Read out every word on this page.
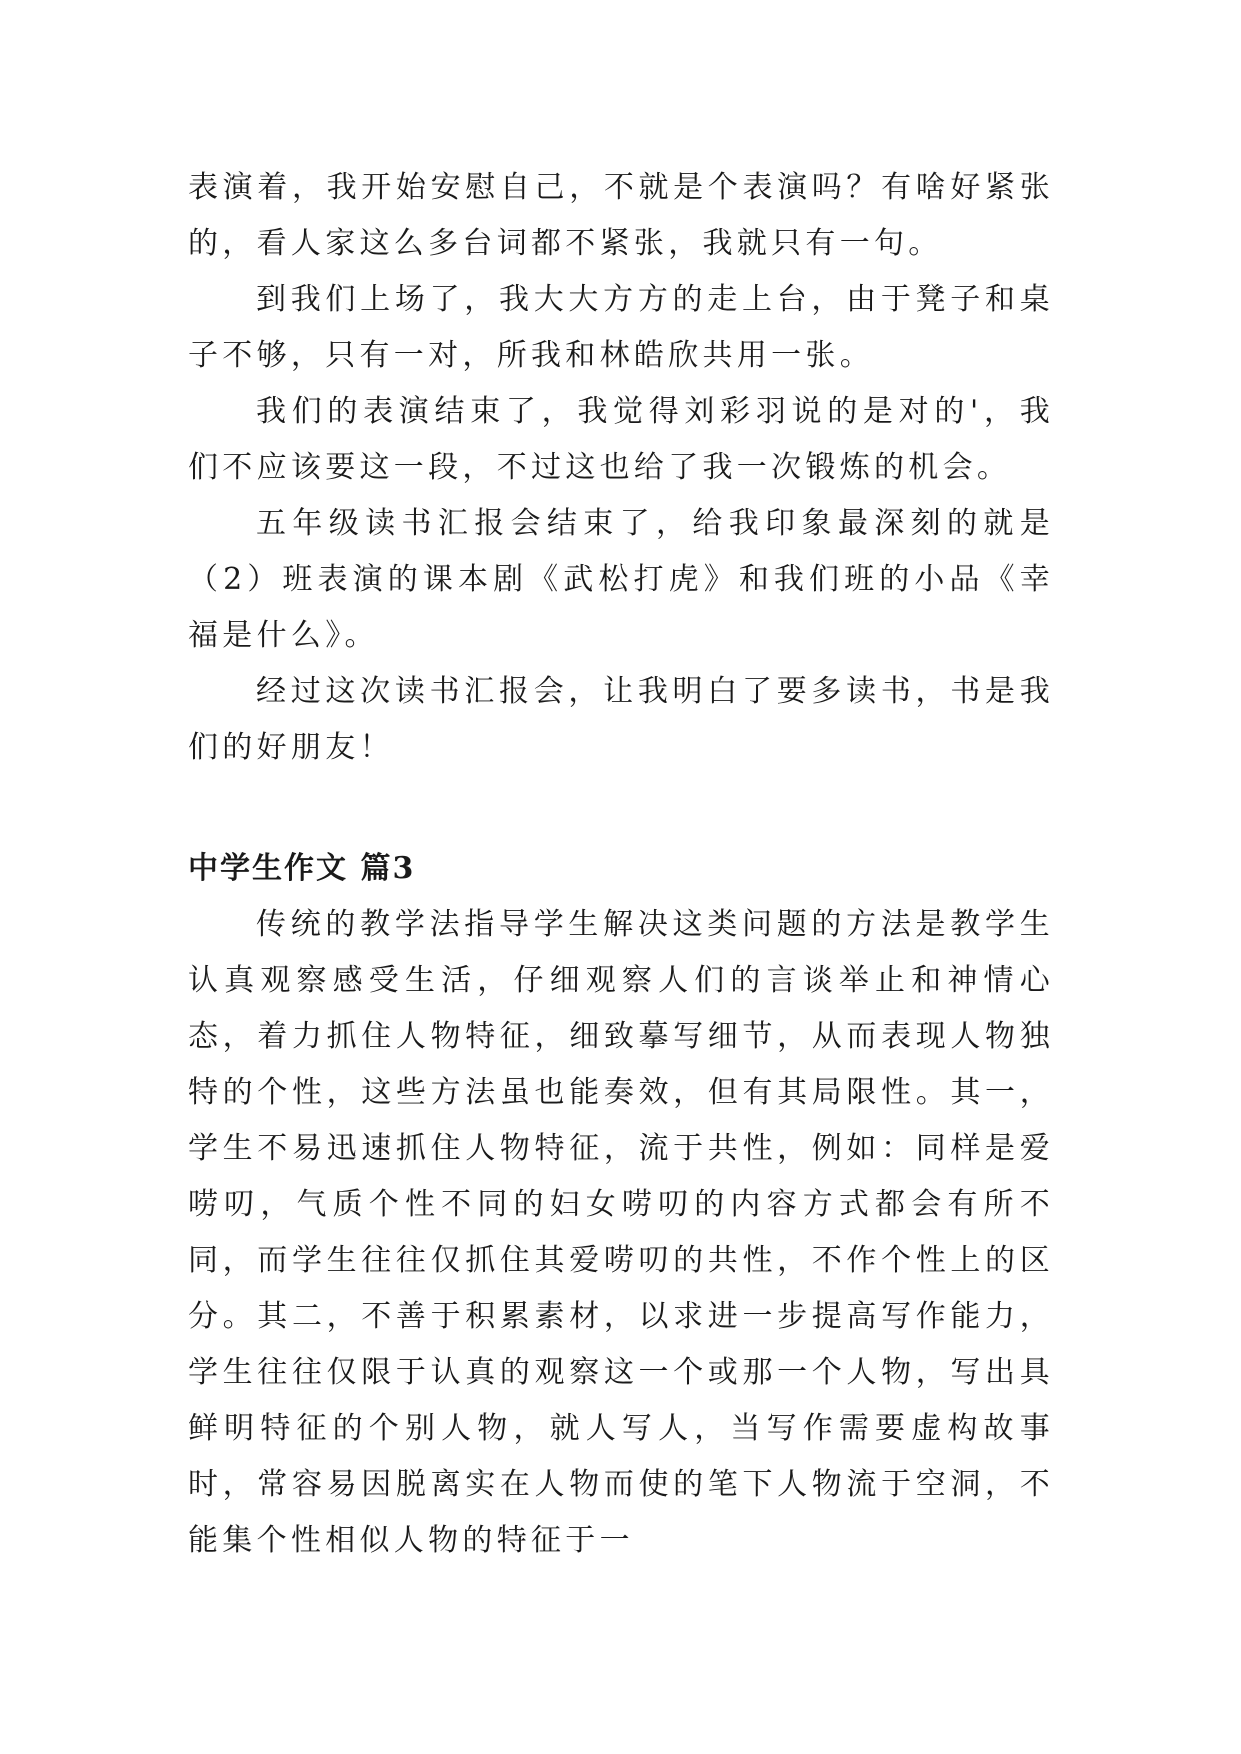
表演着，我开始安慰自己，不就是个表演吗？有啥好紧张的，看人家这么多台词都不紧张，我就只有一句。

到我们上场了，我大大方方的走上台，由于凳子和桌子不够，只有一对，所我和林皓欣共用一张。

我们的表演结束了，我觉得刘彩羽说的是对的'，我们不应该要这一段，不过这也给了我一次锻炼的机会。

五年级读书汇报会结束了，给我印象最深刻的就是（2）班表演的课本剧《武松打虎》和我们班的小品《幸福是什么》。

经过这次读书汇报会，让我明白了要多读书，书是我们的好朋友！

中学生作文 篇3

传统的教学法指导学生解决这类问题的方法是教学生认真观察感受生活，仔细观察人们的言谈举止和神情心态，着力抓住人物特征，细致摹写细节，从而表现人物独特的个性，这些方法虽也能奏效，但有其局限性。其一，学生不易迅速抓住人物特征，流于共性，例如：同样是爱唠叨，气质个性不同的妇女唠叨的内容方式都会有所不同，而学生往往仅抓住其爱唠叨的共性，不作个性上的区分。其二，不善于积累素材，以求进一步提高写作能力，学生往往仅限于认真的观察这一个或那一个人物，写出具鲜明特征的个别人物，就人写人，当写作需要虚构故事时，常容易因脱离实在人物而使的笔下人物流于空洞，不能集个性相似人物的特征于一
